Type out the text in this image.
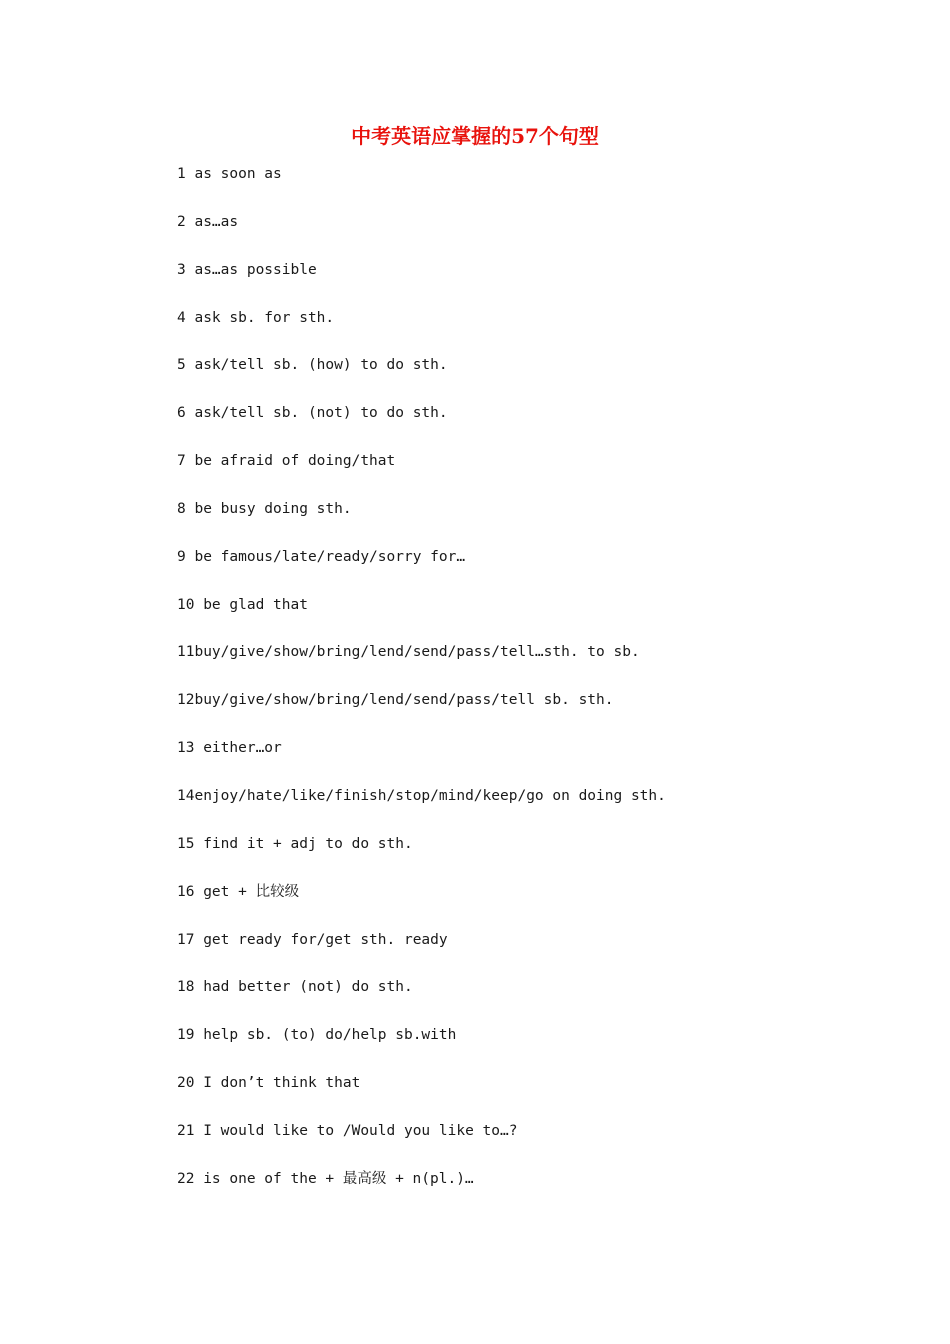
中考英语应掌握的57个句型
1 as soon as
2 as…as
3 as…as possible
4 ask sb. for sth.
5 ask/tell sb. (how) to do sth.
6 ask/tell sb. (not) to do sth.
7 be afraid of doing/that
8 be busy doing sth.
9 be famous/late/ready/sorry for…
10 be glad that
11buy/give/show/bring/lend/send/pass/tell…sth. to sb.
12buy/give/show/bring/lend/send/pass/tell sb. sth.
13 either…or
14enjoy/hate/like/finish/stop/mind/keep/go on doing sth.
15 find it + adj to do sth.
16 get + 比较级
17 get ready for/get sth. ready
18 had better (not) do sth.
19 help sb. (to) do/help sb.with
20 I don’t think that
21 I would like to /Would you like to…?
22 is one of the + 最高级 + n(pl.)…
